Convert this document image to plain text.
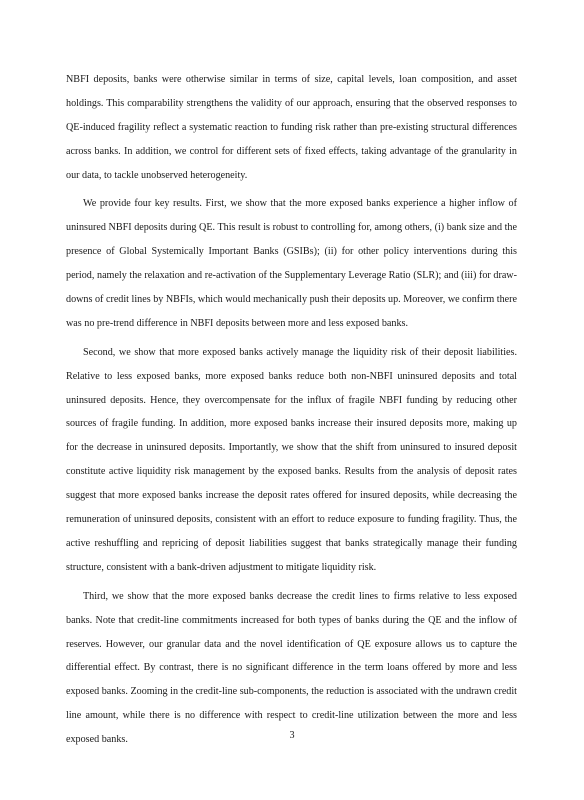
NBFI deposits, banks were otherwise similar in terms of size, capital levels, loan composition, and asset holdings. This comparability strengthens the validity of our approach, ensuring that the observed responses to QE-induced fragility reflect a systematic reaction to funding risk rather than pre-existing structural differences across banks. In addition, we control for different sets of fixed effects, taking advantage of the granularity in our data, to tackle unobserved heterogeneity.

We provide four key results. First, we show that the more exposed banks experience a higher inflow of uninsured NBFI deposits during QE. This result is robust to controlling for, among others, (i) bank size and the presence of Global Systemically Important Banks (GSIBs); (ii) for other policy interventions during this period, namely the relaxation and re-activation of the Supplementary Leverage Ratio (SLR); and (iii) for draw-downs of credit lines by NBFIs, which would mechanically push their deposits up. Moreover, we confirm there was no pre-trend difference in NBFI deposits between more and less exposed banks.

Second, we show that more exposed banks actively manage the liquidity risk of their deposit liabilities. Relative to less exposed banks, more exposed banks reduce both non-NBFI uninsured deposits and total uninsured deposits. Hence, they overcompensate for the influx of fragile NBFI funding by reducing other sources of fragile funding. In addition, more exposed banks increase their insured deposits more, making up for the decrease in uninsured deposits. Importantly, we show that the shift from uninsured to insured deposit constitute active liquidity risk management by the exposed banks. Results from the analysis of deposit rates suggest that more exposed banks increase the deposit rates offered for insured deposits, while decreasing the remuneration of uninsured deposits, consistent with an effort to reduce exposure to funding fragility. Thus, the active reshuffling and repricing of deposit liabilities suggest that banks strategically manage their funding structure, consistent with a bank-driven adjustment to mitigate liquidity risk.

Third, we show that the more exposed banks decrease the credit lines to firms relative to less exposed banks. Note that credit-line commitments increased for both types of banks during the QE and the inflow of reserves. However, our granular data and the novel identification of QE exposure allows us to capture the differential effect. By contrast, there is no significant difference in the term loans offered by more and less exposed banks. Zooming in the credit-line sub-components, the reduction is associated with the undrawn credit line amount, while there is no difference with respect to credit-line utilization between the more and less exposed banks.	3
